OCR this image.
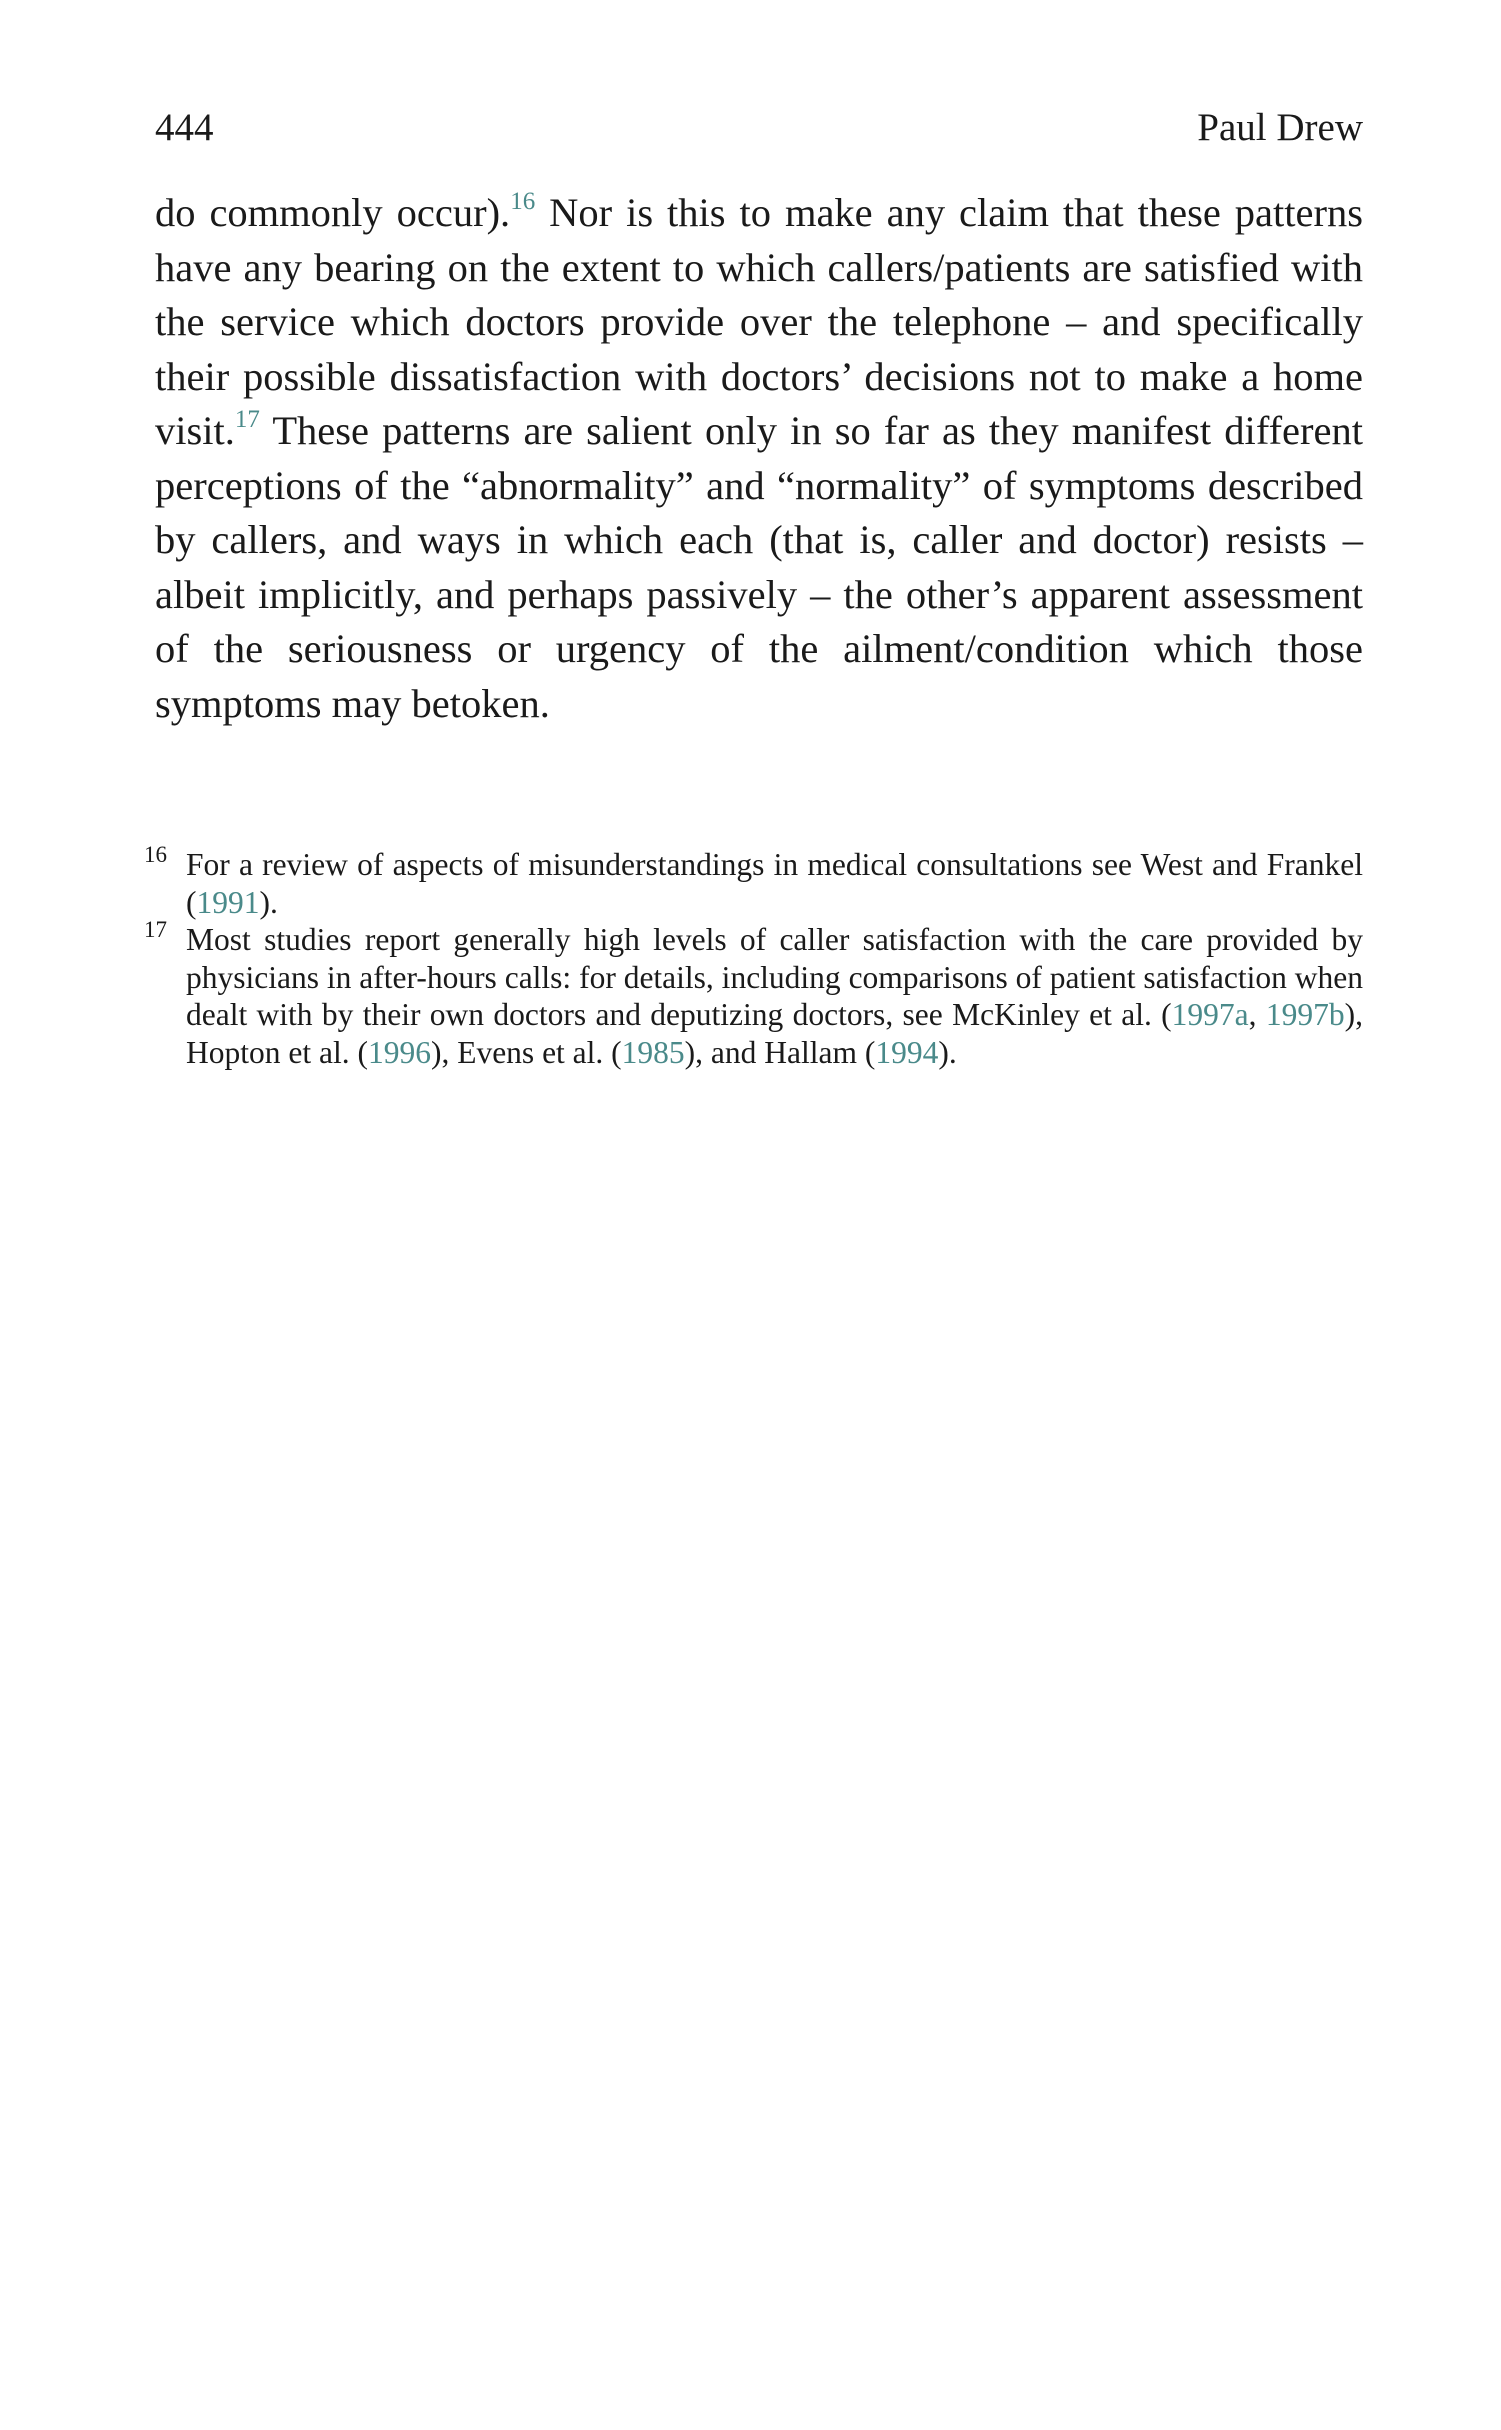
444	Paul Drew

do commonly occur).$^{16}$ Nor is this to make any claim that these patterns have any bearing on the extent to which callers/patients are satisfied with the service which doctors provide over the telephone – and specifically their possible dissatisfaction with doctors’ decisions not to make a home visit.$^{17}$ These patterns are salient only in so far as they manifest different perceptions of the “abnormality” and “normality” of symptoms described by callers, and ways in which each (that is, caller and doctor) resists – albeit implicitly, and perhaps passively – the other’s apparent assessment of the seriousness or urgency of the ailment/condition which those symptoms may betoken.

16 For a review of aspects of misunderstandings in medical consultations see West and Frankel (1991).

17 Most studies report generally high levels of caller satisfaction with the care provided by physicians in after-hours calls: for details, including comparisons of patient satisfaction when dealt with by their own doctors and deputizing doctors, see McKinley et al. (1997a, 1997b), Hopton et al. (1996), Evens et al. (1985), and Hallam (1994).
